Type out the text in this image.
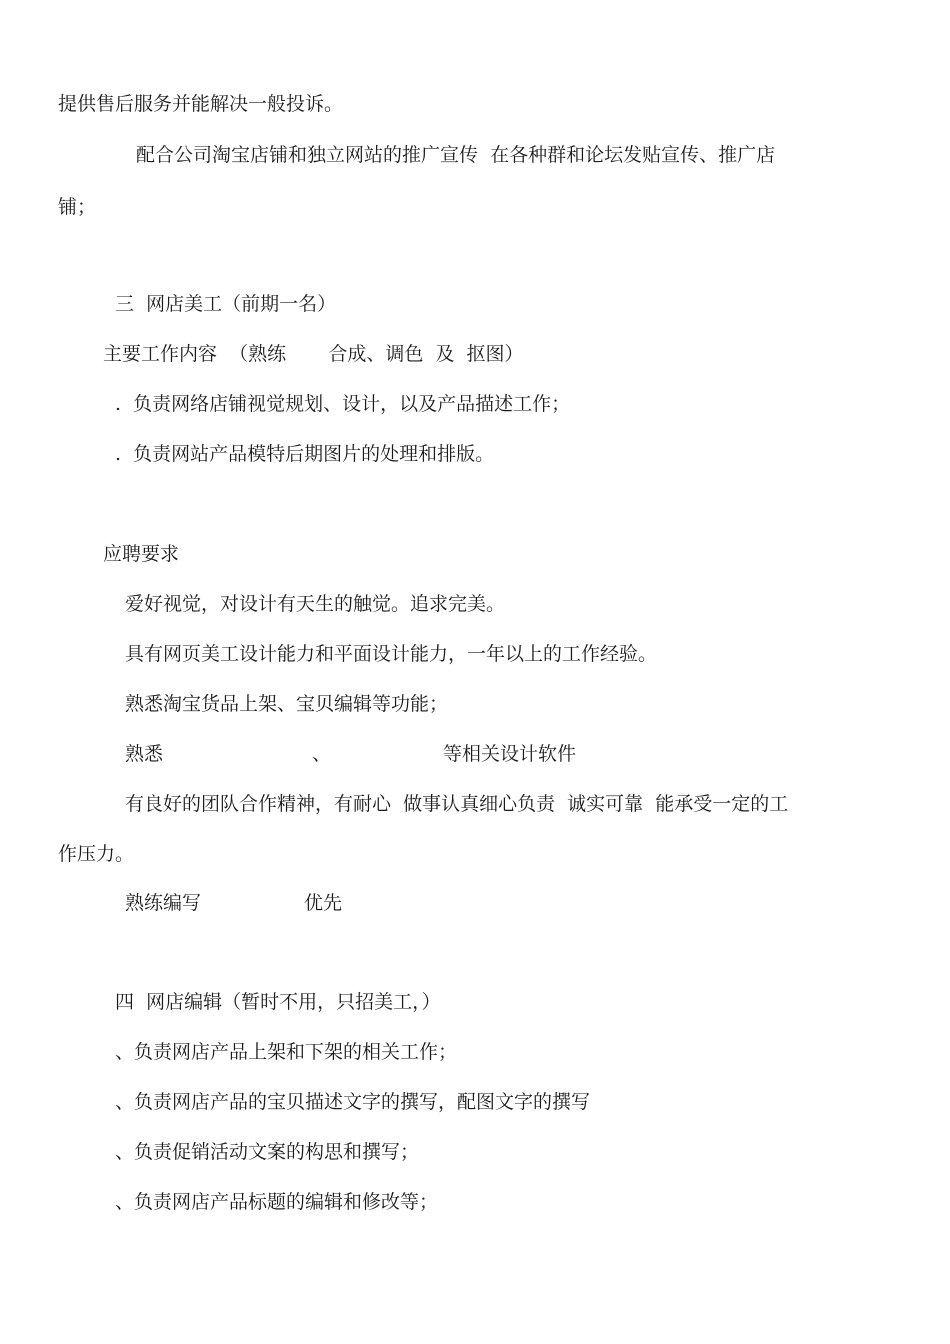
提供售后服务并能解决一般投诉。
配合公司淘宝店铺和独立网站的推广宣传  在各种群和论坛发贴宣传、推广店
铺；
三  网店美工（前期一名）
主要工作内容  （熟练       合成、调色  及  抠图）
.  负责网络店铺视觉规划、设计，以及产品描述工作；
.  负责网站产品模特后期图片的处理和排版。
应聘要求
爱好视觉，对设计有天生的触觉。追求完美。
具有网页美工设计能力和平面设计能力，一年以上的工作经验。
熟悉淘宝货品上架、宝贝编辑等功能；
熟悉	、	等相关设计软件
有良好的团队合作精神，有耐心  做事认真细心负责  诚实可靠  能承受一定的工
作压力。
熟练编写	优先
四  网店编辑（暂时不用，只招美工，）
、负责网店产品上架和下架的相关工作；
、负责网店产品的宝贝描述文字的撰写，配图文字的撰写
、负责促销活动文案的构思和撰写；
、负责网店产品标题的编辑和修改等；
